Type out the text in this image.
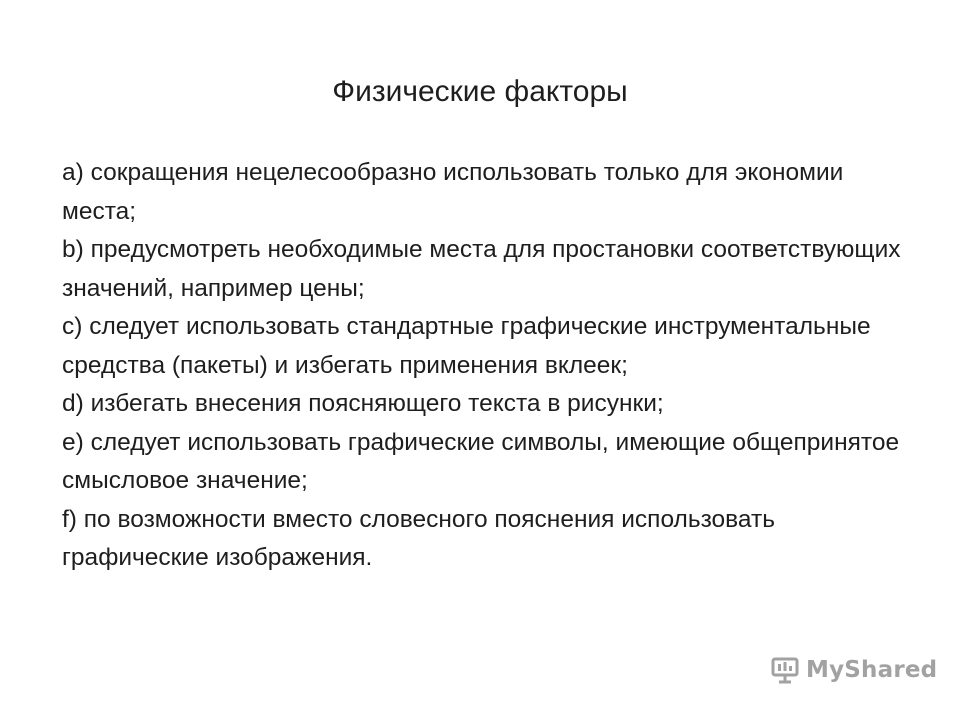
Физические факторы
а) сокращения нецелесообразно использовать только для экономии места;
b) предусмотреть необходимые места для простановки соответствующих значений, например цены;
с) следует использовать стандартные графические инструментальные средства (пакеты) и избегать применения вклеек;
d) избегать внесения поясняющего текста в рисунки;
е) следует использовать графические символы, имеющие общепринятое смысловое значение;
f) по возможности вместо словесного пояснения использовать графические изображения.
MyShared
